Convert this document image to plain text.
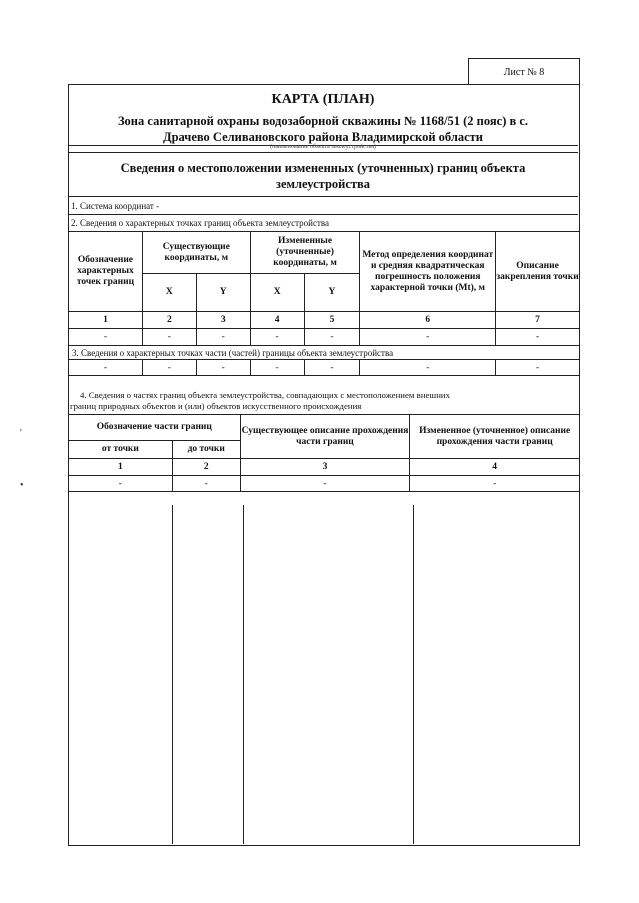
Лист № 8
КАРТА (ПЛАН)
Зона санитарной охраны водозаборной скважины № 1168/51 (2 пояс) в с.
Драчево Селивановского района Владимирской области
(наименование объекта землеустройства)
Сведения о местоположении измененных (уточненных) границ объекта
землеустройства
1. Система координат -
2. Сведения о характерных точках границ объекта землеустройства
Обозначение характерных точек границ	Существующие координаты, м		Измененные (уточненные) координаты, м		Метод определения координат и средняя квадратическая погрешность положения характерной точки (Mt), м	Описание закрепления точки
	X	Y	X	Y		
1	2	3	4	5	6	7
-	-	-	-	-	-	-
3. Сведения о характерных точках части (частей) границы объекта землеустройства						
-	-	-	-	-	-	-
4. Сведения о частях границ объекта землеустройства, совпадающих с местоположением внешних
границ природных объектов и (или) объектов искусственного происхождения
Обозначение части границ		Существующее описание прохождения части границ	Измененное (уточненное) описание прохождения части границ
от точки	до точки		
1	2	3	4
-	-	-	-
'
•
